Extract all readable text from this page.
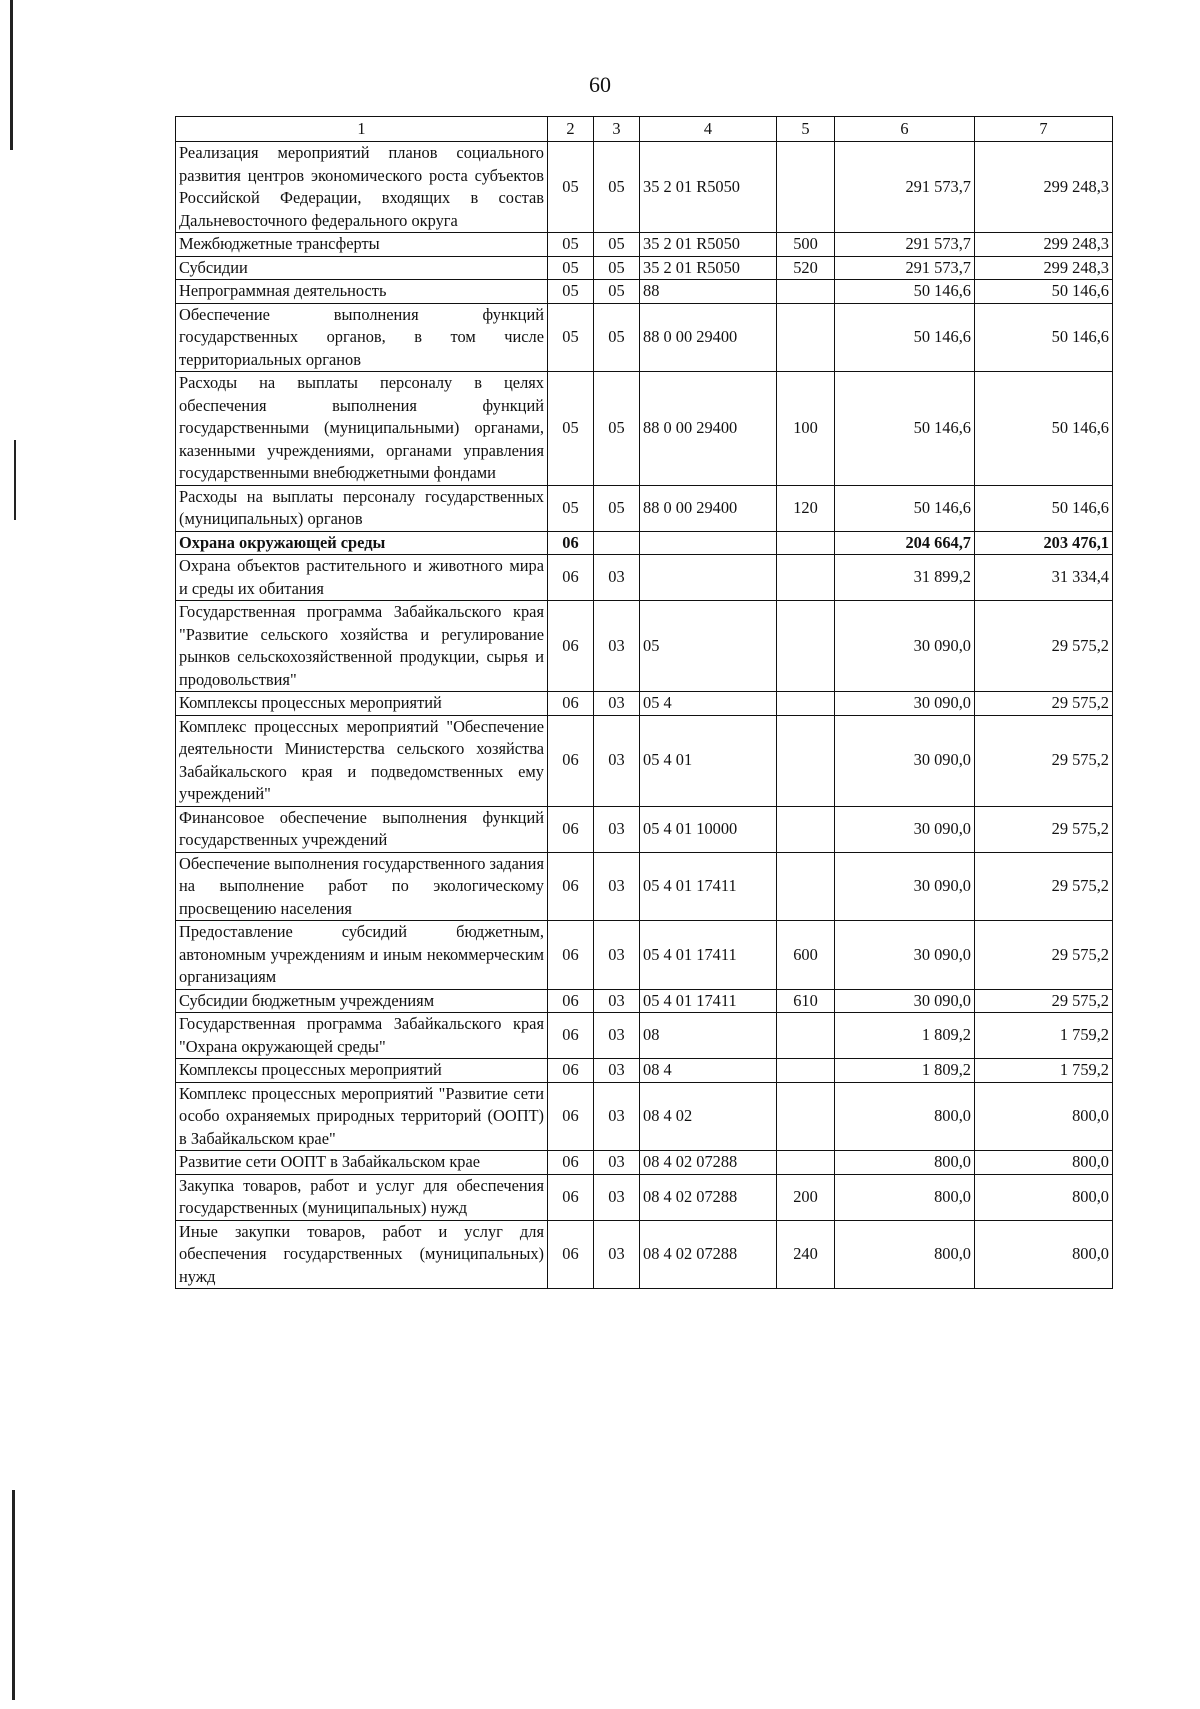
60
1	2	3	4	5	6	7
Реализация мероприятий планов социального развития центров экономического роста субъектов Российской Федерации, входящих в состав Дальневосточного федерального округа	05	05	35 2 01 R5050		291 573,7	299 248,3
Межбюджетные трансферты	05	05	35 2 01 R5050	500	291 573,7	299 248,3
Субсидии	05	05	35 2 01 R5050	520	291 573,7	299 248,3
Непрограммная деятельность	05	05	88		50 146,6	50 146,6
Обеспечение выполнения функций государственных органов, в том числе территориальных органов	05	05	88 0 00 29400		50 146,6	50 146,6
Расходы на выплаты персоналу в целях обеспечения выполнения функций государственными (муниципальными) органами, казенными учреждениями, органами управления государственными внебюджетными фондами	05	05	88 0 00 29400	100	50 146,6	50 146,6
Расходы на выплаты персоналу государственных (муниципальных) органов	05	05	88 0 00 29400	120	50 146,6	50 146,6
Охрана окружающей среды	06				204 664,7	203 476,1
Охрана объектов растительного и животного мира и среды их обитания	06	03			31 899,2	31 334,4
Государственная программа Забайкальского края "Развитие сельского хозяйства и регулирование рынков сельскохозяйственной продукции, сырья и продовольствия"	06	03	05		30 090,0	29 575,2
Комплексы процессных мероприятий	06	03	05 4		30 090,0	29 575,2
Комплекс процессных мероприятий "Обеспечение деятельности Министерства сельского хозяйства Забайкальского края и подведомственных ему учреждений"	06	03	05 4 01		30 090,0	29 575,2
Финансовое обеспечение выполнения функций государственных учреждений	06	03	05 4 01 10000		30 090,0	29 575,2
Обеспечение выполнения государственного задания на выполнение работ по экологическому просвещению населения	06	03	05 4 01 17411		30 090,0	29 575,2
Предоставление субсидий бюджетным, автономным учреждениям и иным некоммерческим организациям	06	03	05 4 01 17411	600	30 090,0	29 575,2
Субсидии бюджетным учреждениям	06	03	05 4 01 17411	610	30 090,0	29 575,2
Государственная программа Забайкальского края "Охрана окружающей среды"	06	03	08		1 809,2	1 759,2
Комплексы процессных мероприятий	06	03	08 4		1 809,2	1 759,2
Комплекс процессных мероприятий "Развитие сети особо охраняемых природных территорий (ООПТ) в Забайкальском крае"	06	03	08 4 02		800,0	800,0
Развитие сети ООПТ в Забайкальском крае	06	03	08 4 02 07288		800,0	800,0
Закупка товаров, работ и услуг для обеспечения государственных (муниципальных) нужд	06	03	08 4 02 07288	200	800,0	800,0
Иные закупки товаров, работ и услуг для обеспечения государственных (муниципальных) нужд	06	03	08 4 02 07288	240	800,0	800,0
